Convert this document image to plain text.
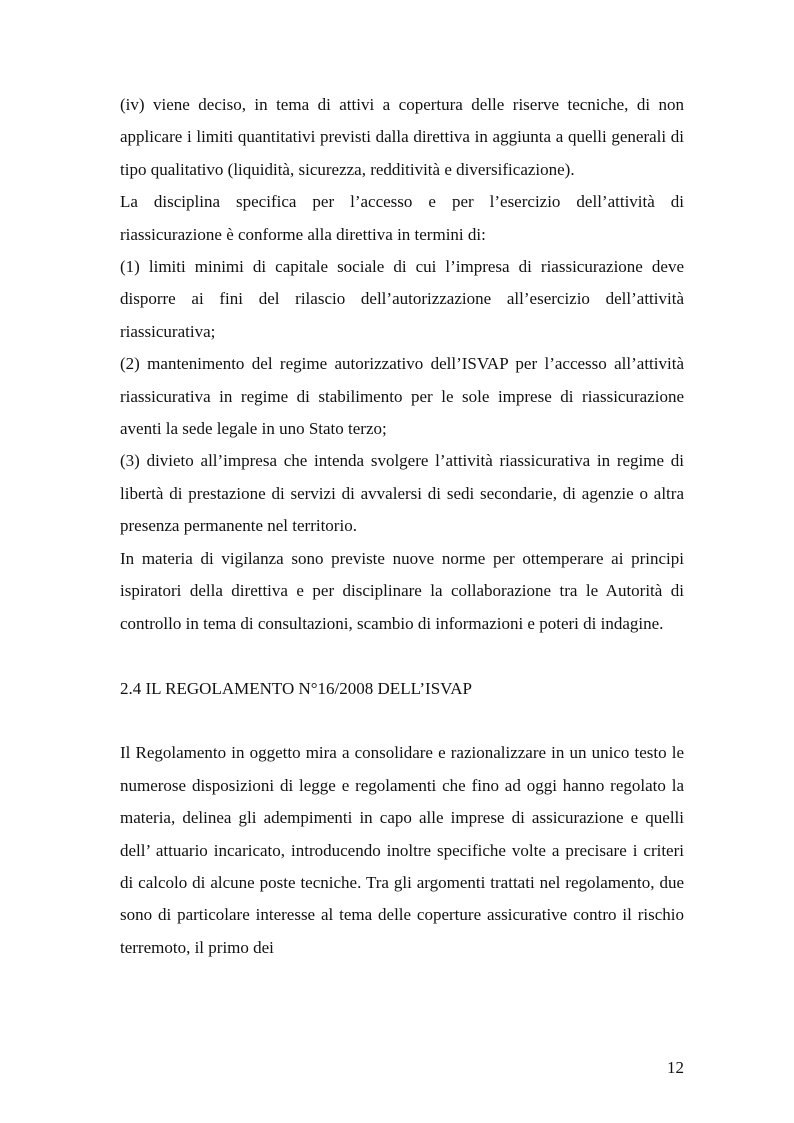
(iv) viene deciso, in tema di attivi a copertura delle riserve tecniche, di non applicare i limiti quantitativi previsti dalla direttiva in aggiunta a quelli generali di tipo qualitativo (liquidità, sicurezza, redditività e diversificazione).

La disciplina specifica per l’accesso e per l’esercizio dell’attività di riassicurazione è conforme alla direttiva in termini di:

(1) limiti minimi di capitale sociale di cui l’impresa di riassicurazione deve disporre ai fini del rilascio dell’autorizzazione all’esercizio dell’attività riassicurativa;

(2) mantenimento del regime autorizzativo dell’ISVAP per l’accesso all’attività riassicurativa in regime di stabilimento per le sole imprese di riassicurazione aventi la sede legale in uno Stato terzo;

(3) divieto all’impresa che intenda svolgere l’attività riassicurativa in regime di libertà di prestazione di servizi di avvalersi di sedi secondarie, di agenzie o altra presenza permanente nel territorio.

In materia di vigilanza sono previste nuove norme per ottemperare ai principi ispiratori della direttiva e per disciplinare la collaborazione tra le Autorità di controllo in tema di consultazioni, scambio di informazioni e poteri di indagine.

2.4 IL REGOLAMENTO N°16/2008 DELL’ISVAP

Il Regolamento in oggetto mira a consolidare e razionalizzare in un unico testo le numerose disposizioni di legge e regolamenti che fino ad oggi hanno regolato la materia, delinea gli adempimenti in capo alle imprese di assicurazione e quelli dell’ attuario incaricato, introducendo inoltre specifiche volte a precisare i criteri di calcolo di alcune poste tecniche. Tra gli argomenti trattati nel regolamento, due sono di particolare interesse al tema delle coperture assicurative contro il rischio terremoto, il primo dei

12
